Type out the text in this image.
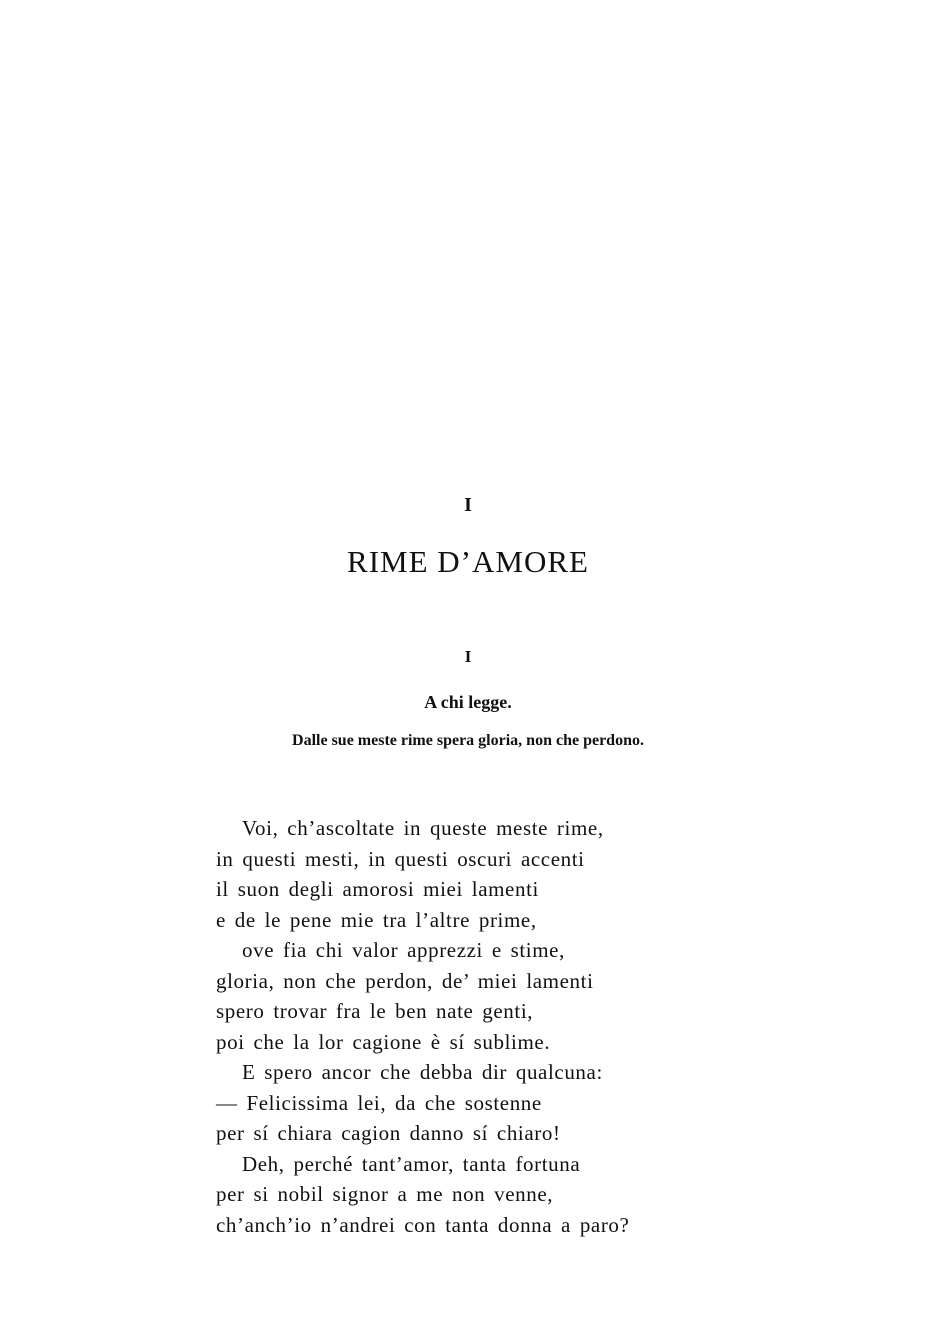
I
RIME D’AMORE
I
A chi legge.
Dalle sue meste rime spera gloria, non che perdono.
Voi, ch’ascoltate in queste meste rime,
in questi mesti, in questi oscuri accenti
il suon degli amorosi miei lamenti
e de le pene mie tra l’altre prime,
ove fia chi valor apprezzi e stime,
gloria, non che perdon, de’ miei lamenti
spero trovar fra le ben nate genti,
poi che la lor cagione è sí sublime.
E spero ancor che debba dir qualcuna:
— Felicissima lei, da che sostenne
per sí chiara cagion danno sí chiaro!
Deh, perché tant’amor, tanta fortuna
per si nobil signor a me non venne,
ch’anch’io n’andrei con tanta donna a paro?
